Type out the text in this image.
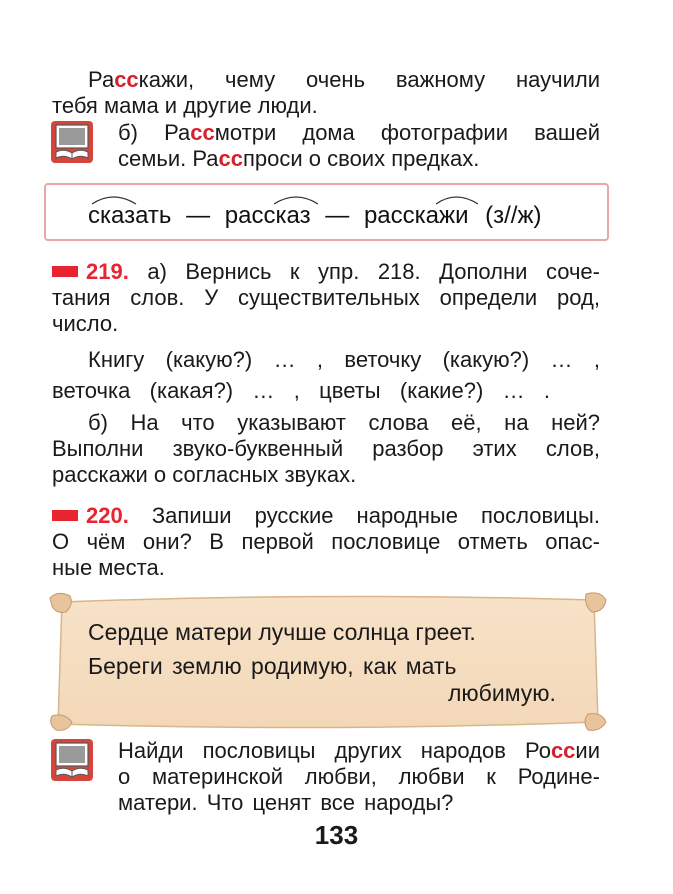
Расскажи, чему очень важному научили
тебя мама и другие люди.
б) Рассмотри дома фотографии вашей
семьи. Расспроси о своих предках.
сказать — рассказ — расскажи (з//ж)
219. а) Вернись к упр. 218. Дополни соче-
тания слов. У существительных определи род,
число.
Книгу (какую?) … , веточку (какую?) … ,
веточка (какая?) … , цветы (какие?) … .
б) На что указывают слова её, на ней?
Выполни звуко-буквенный разбор этих слов,
расскажи о согласных звуках.
220. Запиши русские народные пословицы.
О чём они? В первой пословице отметь опас-
ные места.
Сердце матери лучше солнца греет.
Береги землю родимую, как мать
любимую.
Найди пословицы других народов России
о материнской любви, любви к Родине-
матери. Что ценят все народы?
133
